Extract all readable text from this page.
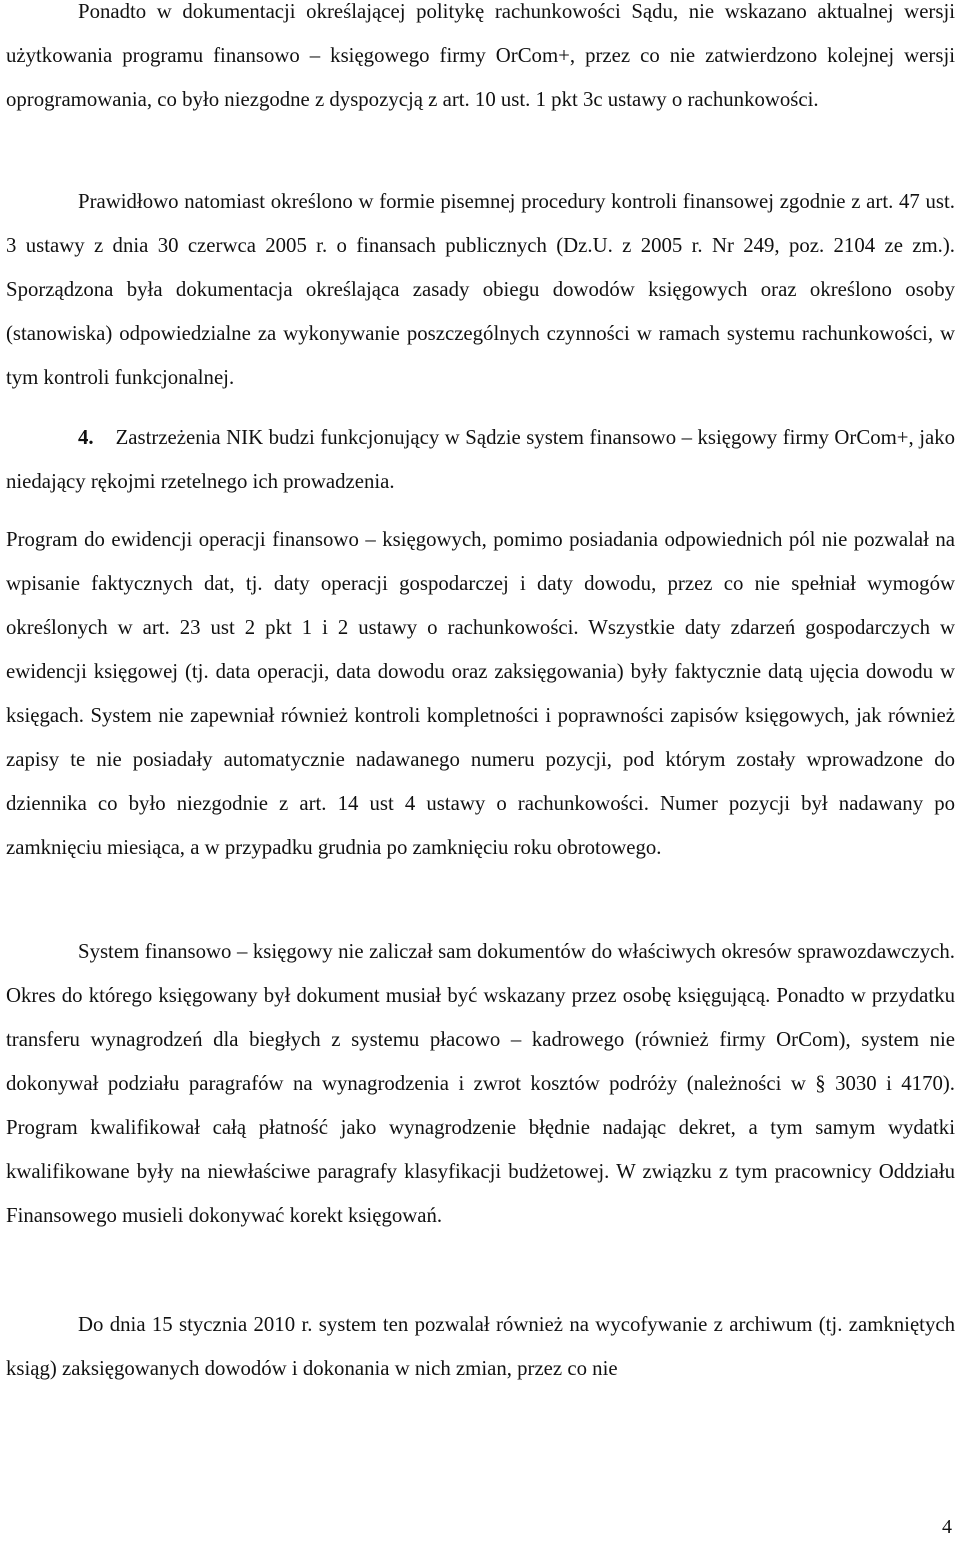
Ponadto w dokumentacji określającej politykę rachunkowości Sądu, nie wskazano aktualnej wersji użytkowania programu finansowo – księgowego firmy OrCom+, przez co nie zatwierdzono kolejnej wersji oprogramowania, co było niezgodne z dyspozycją z art. 10 ust. 1 pkt 3c ustawy o rachunkowości.

Prawidłowo natomiast określono w formie pisemnej procedury kontroli finansowej zgodnie z art. 47 ust. 3 ustawy z dnia 30 czerwca 2005 r. o finansach publicznych (Dz.U. z 2005 r. Nr 249, poz. 2104 ze zm.). Sporządzona była dokumentacja określająca zasady obiegu dowodów księgowych oraz określono osoby (stanowiska) odpowiedzialne za wykonywanie poszczególnych czynności w ramach systemu rachunkowości, w tym kontroli funkcjonalnej.

4. Zastrzeżenia NIK budzi funkcjonujący w Sądzie system finansowo – księgowy firmy OrCom+, jako niedający rękojmi rzetelnego ich prowadzenia.

Program do ewidencji operacji finansowo – księgowych, pomimo posiadania odpowiednich pól nie pozwalał na wpisanie faktycznych dat, tj. daty operacji gospodarczej i daty dowodu, przez co nie spełniał wymogów określonych w art. 23 ust 2 pkt 1 i 2 ustawy o rachunkowości. Wszystkie daty zdarzeń gospodarczych w ewidencji księgowej (tj. data operacji, data dowodu oraz zaksięgowania) były faktycznie datą ujęcia dowodu w księgach. System nie zapewniał również kontroli kompletności i poprawności zapisów księgowych, jak również zapisy te nie posiadały automatycznie nadawanego numeru pozycji, pod którym zostały wprowadzone do dziennika co było niezgodnie z art. 14 ust 4 ustawy o rachunkowości. Numer pozycji był nadawany po zamknięciu miesiąca, a w przypadku grudnia po zamknięciu roku obrotowego.

System finansowo – księgowy nie zaliczał sam dokumentów do właściwych okresów sprawozdawczych. Okres do którego księgowany był dokument musiał być wskazany przez osobę księgującą. Ponadto w przydatku transferu wynagrodzeń dla biegłych z systemu płacowo – kadrowego (również firmy OrCom), system nie dokonywał podziału paragrafów na wynagrodzenia i zwrot kosztów podróży (należności w § 3030 i 4170). Program kwalifikował całą płatność jako wynagrodzenie błędnie nadając dekret, a tym samym wydatki kwalifikowane były na niewłaściwe paragrafy klasyfikacji budżetowej. W związku z tym pracownicy Oddziału Finansowego musieli dokonywać korekt księgowań.

Do dnia 15 stycznia 2010 r. system ten pozwalał również na wycofywanie z archiwum (tj. zamkniętych ksiąg) zaksięgowanych dowodów i dokonania w nich zmian, przez co nie

4
